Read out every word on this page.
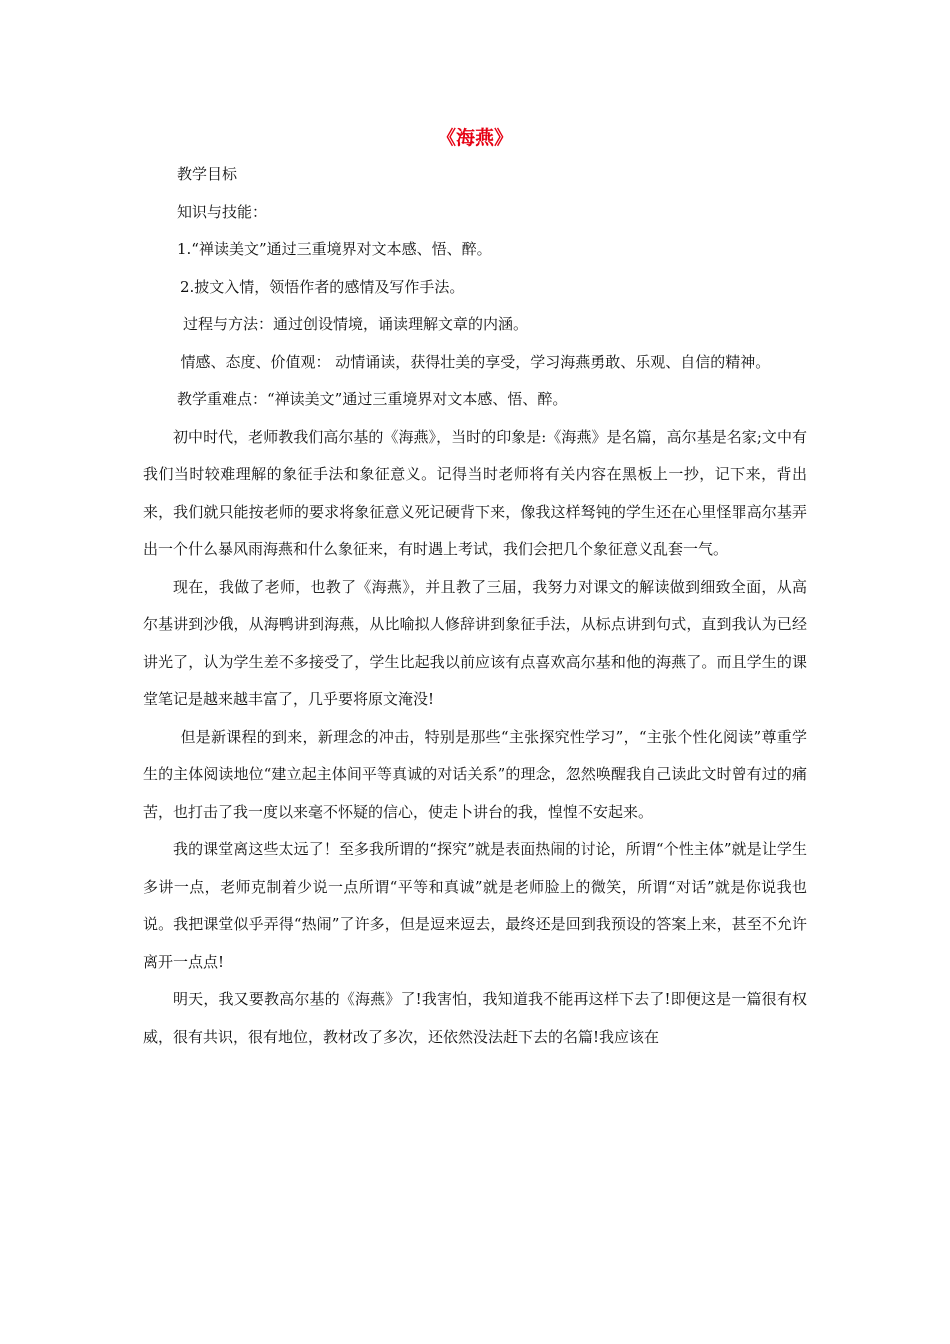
《海燕》
教学目标
知识与技能：
1.“禅读美文”通过三重境界对文本感、悟、醉。
2.披文入情，领悟作者的感情及写作手法。
过程与方法：通过创设情境，诵读理解文章的内涵。
情感、态度、价值观： 动情诵读，获得壮美的享受，学习海燕勇敢、乐观、自信的精神。
教学重难点：“禅读美文”通过三重境界对文本感、悟、醉。
初中时代，老师教我们高尔基的《海燕》，当时的印象是:《海燕》是名篇，高尔基是名家;文中有我们当时较难理解的象征手法和象征意义。记得当时老师将有关内容在黑板上一抄，记下来，背出来，我们就只能按老师的要求将象征意义死记硬背下来，像我这样驽钝的学生还在心里怪罪高尔基弄出一个什么暴风雨海燕和什么象征来，有时遇上考试，我们会把几个象征意义乱套一气。
现在，我做了老师，也教了《海燕》，并且教了三届，我努力对课文的解读做到细致全面，从高尔基讲到沙俄，从海鸭讲到海燕，从比喻拟人修辞讲到象征手法，从标点讲到句式，直到我认为已经讲光了，认为学生差不多接受了，学生比起我以前应该有点喜欢高尔基和他的海燕了。而且学生的课堂笔记是越来越丰富了，几乎要将原文淹没!
但是新课程的到来，新理念的冲击，特别是那些“主张探究性学习”，“主张个性化阅读”尊重学生的主体阅读地位“建立起主体间平等真诚的对话关系”的理念，忽然唤醒我自己读此文时曾有过的痛苦，也打击了我一度以来毫不怀疑的信心，使走卜讲台的我，惶惶不安起来。
我的课堂离这些太远了！至多我所谓的“探究”就是表面热闹的讨论，所谓“个性主体”就是让学生多讲一点，老师克制着少说一点所谓“平等和真诚”就是老师脸上的微笑，所谓“对话”就是你说我也说。我把课堂似乎弄得“热闹”了许多，但是逗来逗去，最终还是回到我预设的答案上来，甚至不允许离开一点点!
明天，我又要教高尔基的《海燕》了!我害怕，我知道我不能再这样下去了!即便这是一篇很有权威，很有共识，很有地位，教材改了多次，还依然没法赶下去的名篇!我应该在
